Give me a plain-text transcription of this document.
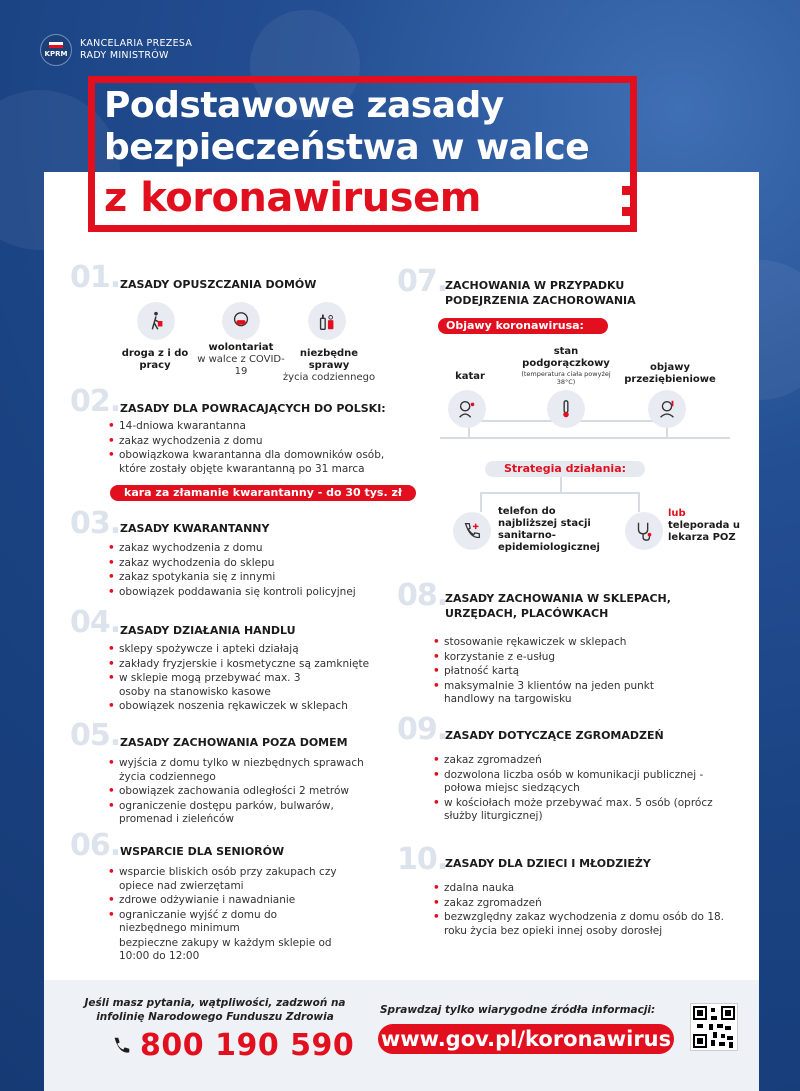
KPRM
KANCELARIA PREZESA
RADY MINISTRÓW
Podstawowe zasady
bezpieczeństwa w walce
z koronawirusem
01. ZASADY OPUSZCZANIA DOMÓW
droga z i do pracy
wolontariat
w walce z COVID-19
niezbędne sprawy
życia codziennego
02. ZASADY DLA POWRACAJĄCYCH DO POLSKI:
• 14-dniowa kwarantanna
• zakaz wychodzenia z domu
• obowiązkowa kwarantanna dla domowników osób, które zostały objęte kwarantanną po 31 marca
kara za złamanie kwarantanny - do 30 tys. zł
03. ZASADY KWARANTANNY
• zakaz wychodzenia z domu
• zakaz wychodzenia do sklepu
• zakaz spotykania się z innymi
• obowiązek poddawania się kontroli policyjnej
04. ZASADY DZIAŁANIA HANDLU
• sklepy spożywcze i apteki działają
• zakłady fryzjerskie i kosmetyczne są zamknięte
• w sklepie mogą przebywać max. 3 osoby na stanowisko kasowe
• obowiązek noszenia rękawiczek w sklepach
05. ZASADY ZACHOWANIA POZA DOMEM
• wyjścia z domu tylko w niezbędnych sprawach życia codziennego
• obowiązek zachowania odległości 2 metrów
• ograniczenie dostępu parków, bulwarów, promenad i zieleńców
06. WSPARCIE DLA SENIORÓW
• wsparcie bliskich osób przy zakupach czy opiece nad zwierzętami
• zdrowe odżywianie i nawadnianie
• ograniczanie wyjść z domu do niezbędnego minimum
bezpieczne zakupy w każdym sklepie od 10:00 do 12:00
07.
ZACHOWANIA W PRZYPADKU
PODEJRZENIA ZACHOROWANIA
Objawy koronawirusa:
katar
stan podgorączkowy
(temperatura ciała powyżej 38°C)
objawy przeziębieniowe
Strategia działania:
telefon do najbliższej stacji sanitarno-epidemiologicznej
lub
teleporada u lekarza POZ
08.
ZASADY ZACHOWANIA W SKLEPACH,
URZĘDACH, PLACÓWKACH
• stosowanie rękawiczek w sklepach
• korzystanie z e-usług
• płatność kartą
• maksymalnie 3 klientów na jeden punkt handlowy na targowisku
09.
ZASADY DOTYCZĄCE ZGROMADZEŃ
• zakaz zgromadzeń
• dozwolona liczba osób w komunikacji publicznej - połowa miejsc siedzących
• w kościołach może przebywać max. 5 osób (oprócz służby liturgicznej)
10.
ZASADY DLA DZIECI I MŁODZIEŻY
• zdalna nauka
• zakaz zgromadzeń
• bezwzględny zakaz wychodzenia z domu osób do 18. roku życia bez opieki innej osoby dorosłej
Jeśli masz pytania, wątpliwości, zadzwoń na infolinię Narodowego Funduszu Zdrowia
800 190 590
Sprawdzaj tylko wiarygodne źródła informacji:
www.gov.pl/koronawirus
